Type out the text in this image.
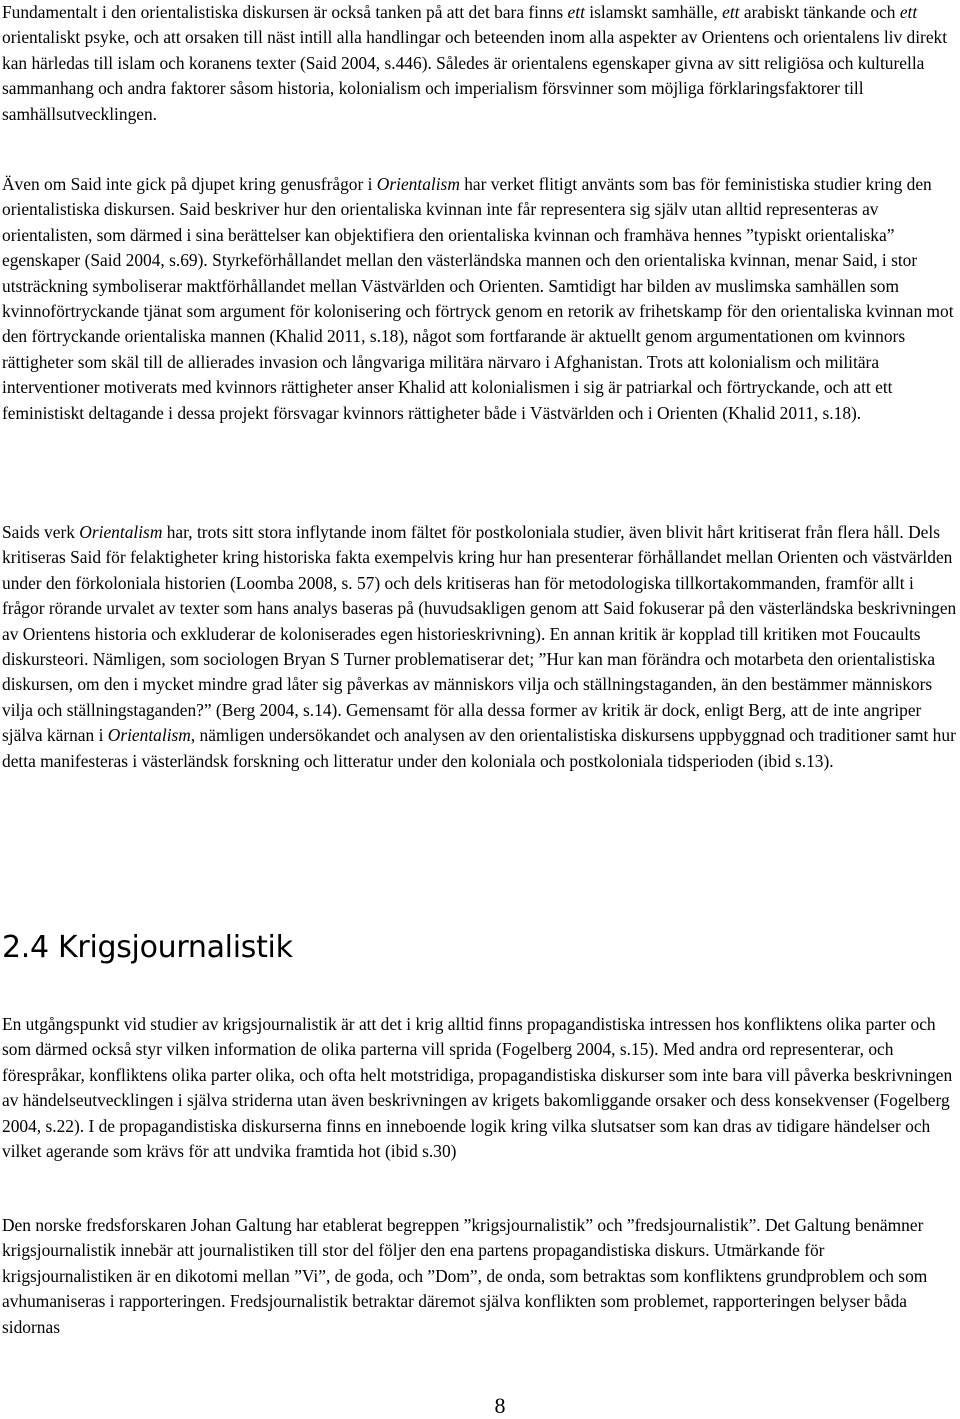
Fundamentalt i den orientalistiska diskursen är också tanken på att det bara finns ett islamskt samhälle, ett arabiskt tänkande och ett orientaliskt psyke, och att orsaken till näst intill alla handlingar och beteenden inom alla aspekter av Orientens och orientalens liv direkt kan härledas till islam och koranens texter (Said 2004, s.446). Således är orientalens egenskaper givna av sitt religiösa och kulturella sammanhang och andra faktorer såsom historia, kolonialism och imperialism försvinner som möjliga förklaringsfaktorer till samhällsutvecklingen.

Även om Said inte gick på djupet kring genusfrågor i Orientalism har verket flitigt använts som bas för feministiska studier kring den orientalistiska diskursen. Said beskriver hur den orientaliska kvinnan inte får representera sig själv utan alltid representeras av orientalisten, som därmed i sina berättelser kan objektifiera den orientaliska kvinnan och framhäva hennes ”typiskt orientaliska” egenskaper (Said 2004, s.69). Styrkeförhållandet mellan den västerländska mannen och den orientaliska kvinnan, menar Said, i stor utsträckning symboliserar maktförhållandet mellan Västvärlden och Orienten. Samtidigt har bilden av muslimska samhällen som kvinnoförtryckande tjänat som argument för kolonisering och förtryck genom en retorik av frihetskamp för den orientaliska kvinnan mot den förtryckande orientaliska mannen (Khalid 2011, s.18), något som fortfarande är aktuellt genom argumentationen om kvinnors rättigheter som skäl till de allierades invasion och långvariga militära närvaro i Afghanistan. Trots att kolonialism och militära interventioner motiverats med kvinnors rättigheter anser Khalid att kolonialismen i sig är patriarkal och förtryckande, och att ett feministiskt deltagande i dessa projekt försvagar kvinnors rättigheter både i Västvärlden och i Orienten (Khalid 2011, s.18).

Saids verk Orientalism har, trots sitt stora inflytande inom fältet för postkoloniala studier, även blivit hårt kritiserat från flera håll. Dels kritiseras Said för felaktigheter kring historiska fakta exempelvis kring hur han presenterar förhållandet mellan Orienten och västvärlden under den förkoloniala historien (Loomba 2008, s. 57) och dels kritiseras han för metodologiska tillkortakommanden, framför allt i frågor rörande urvalet av texter som hans analys baseras på (huvudsakligen genom att Said fokuserar på den västerländska beskrivningen av Orientens historia och exkluderar de koloniserades egen historieskrivning). En annan kritik är kopplad till kritiken mot Foucaults diskursteori. Nämligen, som sociologen Bryan S Turner problematiserar det; ”Hur kan man förändra och motarbeta den orientalistiska diskursen, om den i mycket mindre grad låter sig påverkas av människors vilja och ställningstaganden, än den bestämmer människors vilja och ställningstaganden?” (Berg 2004, s.14). Gemensamt för alla dessa former av kritik är dock, enligt Berg, att de inte angriper själva kärnan i Orientalism, nämligen undersökandet och analysen av den orientalistiska diskursens uppbyggnad och traditioner samt hur detta manifesteras i västerländsk forskning och litteratur under den koloniala och postkoloniala tidsperioden (ibid s.13).

2.4 Krigsjournalistik

En utgångspunkt vid studier av krigsjournalistik är att det i krig alltid finns propagandistiska intressen hos konfliktens olika parter och som därmed också styr vilken information de olika parterna vill sprida (Fogelberg 2004, s.15). Med andra ord representerar, och förespråkar, konfliktens olika parter olika, och ofta helt motstridiga, propagandistiska diskurser som inte bara vill påverka beskrivningen av händelseutvecklingen i själva striderna utan även beskrivningen av krigets bakomliggande orsaker och dess konsekvenser (Fogelberg 2004, s.22). I de propagandistiska diskurserna finns en inneboende logik kring vilka slutsatser som kan dras av tidigare händelser och vilket agerande som krävs för att undvika framtida hot (ibid s.30)

Den norske fredsforskaren Johan Galtung har etablerat begreppen ”krigsjournalistik” och ”fredsjournalistik”. Det Galtung benämner krigsjournalistik innebär att journalistiken till stor del följer den ena partens propagandistiska diskurs. Utmärkande för krigsjournalistiken är en dikotomi mellan ”Vi”, de goda, och ”Dom”, de onda, som betraktas som konfliktens grundproblem och som avhumaniseras i rapporteringen. Fredsjournalistik betraktar däremot själva konflikten som problemet, rapporteringen belyser båda sidornas

8
